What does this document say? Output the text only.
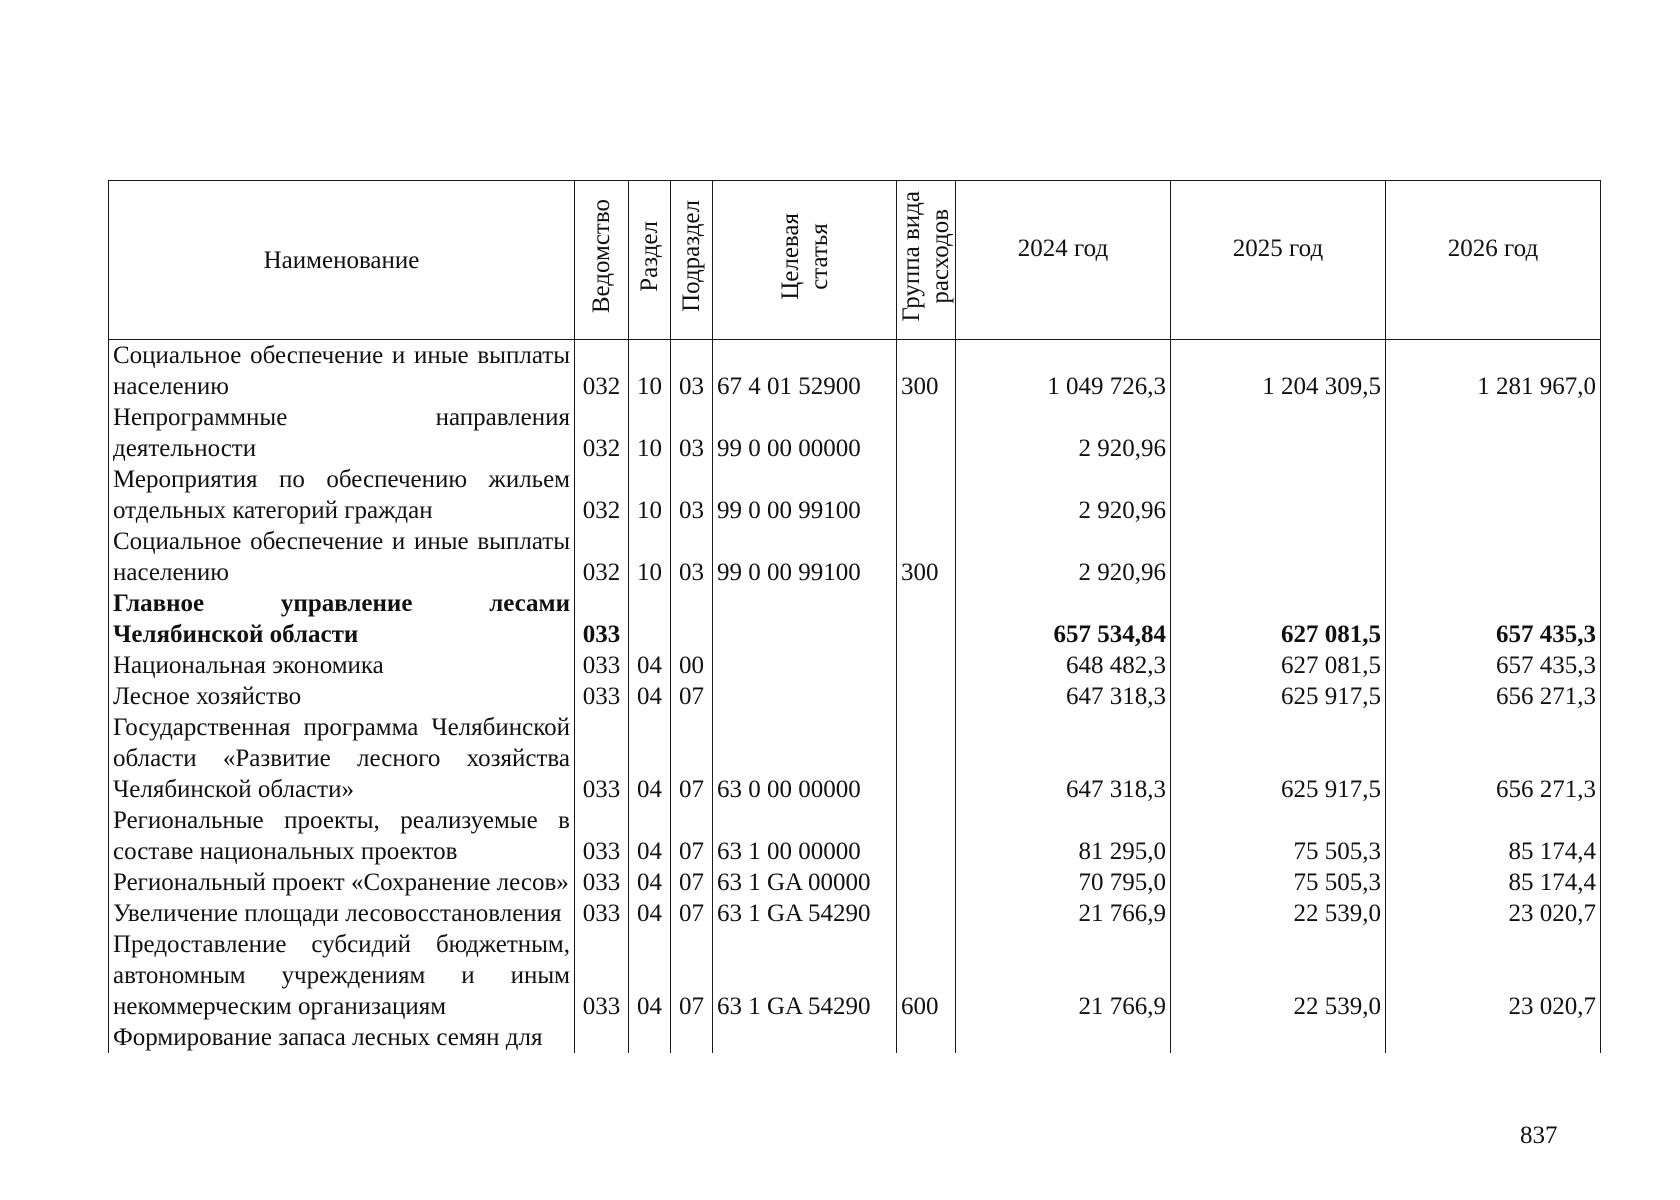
Наименование	Ведомство	Раздел	Подраздел	Целевая
статья	Группа вида
расходов	2024 год	2025 год	2026 год
Социальное обеспечение и иные выплаты населению	032	10	03	67 4 01 52900	300	1 049 726,3	1 204 309,5	1 281 967,0
Непрограммные направления деятельности	032	10	03	99 0 00 00000		2 920,96		
Мероприятия по обеспечению жильем отдельных категорий граждан	032	10	03	99 0 00 99100		2 920,96		
Социальное обеспечение и иные выплаты населению	032	10	03	99 0 00 99100	300	2 920,96		
Главное управление лесами Челябинской области	033					657 534,84	627 081,5	657 435,3
Национальная экономика	033	04	00			648 482,3	627 081,5	657 435,3
Лесное хозяйство	033	04	07			647 318,3	625 917,5	656 271,3
Государственная программа Челябинской области «Развитие лесного хозяйства Челябинской области»	033	04	07	63 0 00 00000		647 318,3	625 917,5	656 271,3
Региональные проекты, реализуемые в составе национальных проектов	033	04	07	63 1 00 00000		81 295,0	75 505,3	85 174,4
Региональный проект «Сохранение лесов»	033	04	07	63 1 GA 00000		70 795,0	75 505,3	85 174,4
Увеличение площади лесовосстановления	033	04	07	63 1 GA 54290		21 766,9	22 539,0	23 020,7
Предоставление субсидий бюджетным, автономным учреждениям и иным некоммерческим организациям	033	04	07	63 1 GA 54290	600	21 766,9	22 539,0	23 020,7
Формирование запаса лесных семян для								
837
